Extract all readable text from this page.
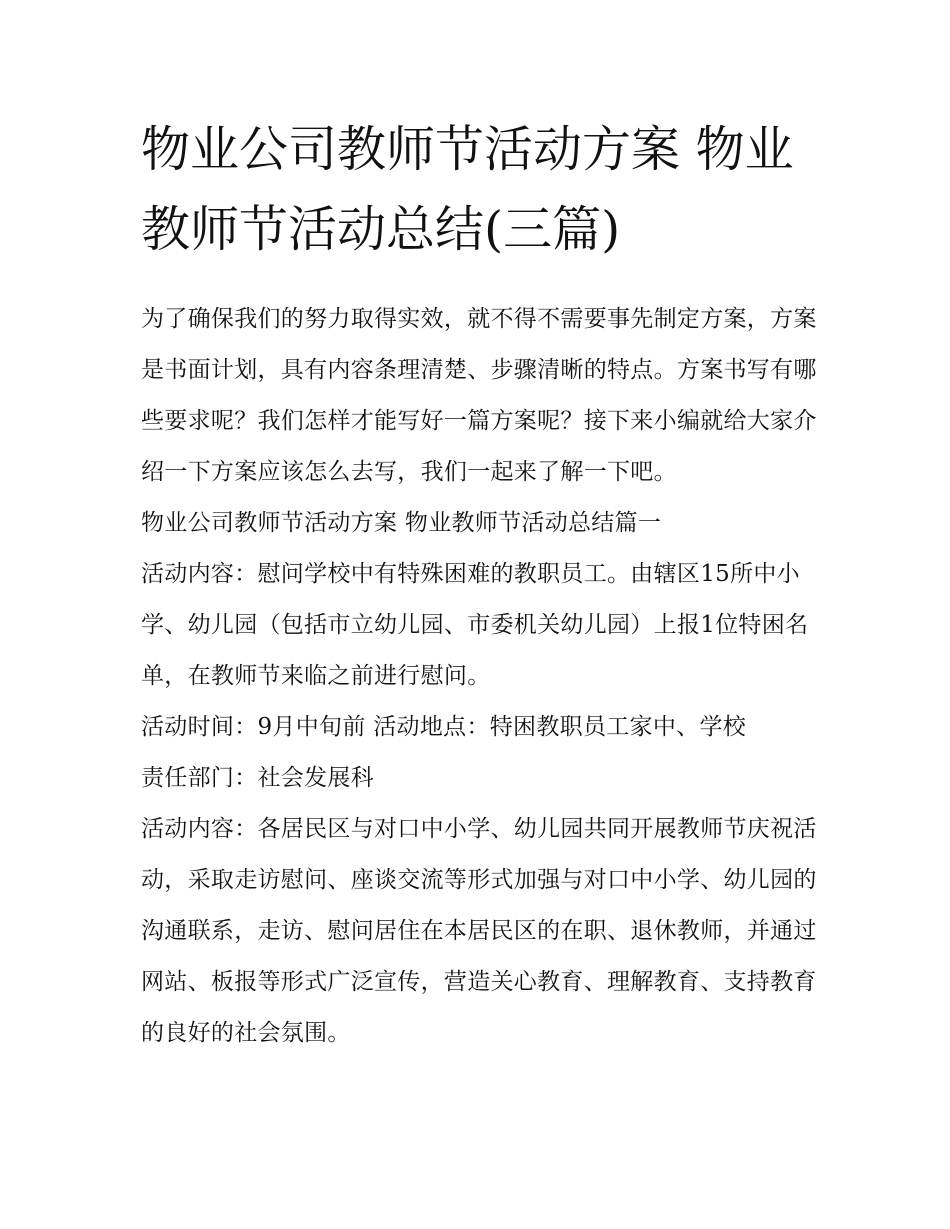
物业公司教师节活动方案 物业教师节活动总结(三篇)

为了确保我们的努力取得实效，就不得不需要事先制定方案，方案是书面计划，具有内容条理清楚、步骤清晰的特点。方案书写有哪些要求呢？我们怎样才能写好一篇方案呢？接下来小编就给大家介绍一下方案应该怎么去写，我们一起来了解一下吧。

物业公司教师节活动方案 物业教师节活动总结篇一

活动内容：慰问学校中有特殊困难的教职员工。由辖区15所中小学、幼儿园（包括市立幼儿园、市委机关幼儿园）上报1位特困名单，在教师节来临之前进行慰问。

活动时间：9月中旬前 活动地点：特困教职员工家中、学校

责任部门：社会发展科

活动内容：各居民区与对口中小学、幼儿园共同开展教师节庆祝活动，采取走访慰问、座谈交流等形式加强与对口中小学、幼儿园的沟通联系，走访、慰问居住在本居民区的在职、退休教师，并通过网站、板报等形式广泛宣传，营造关心教育、理解教育、支持教育的良好的社会氛围。
